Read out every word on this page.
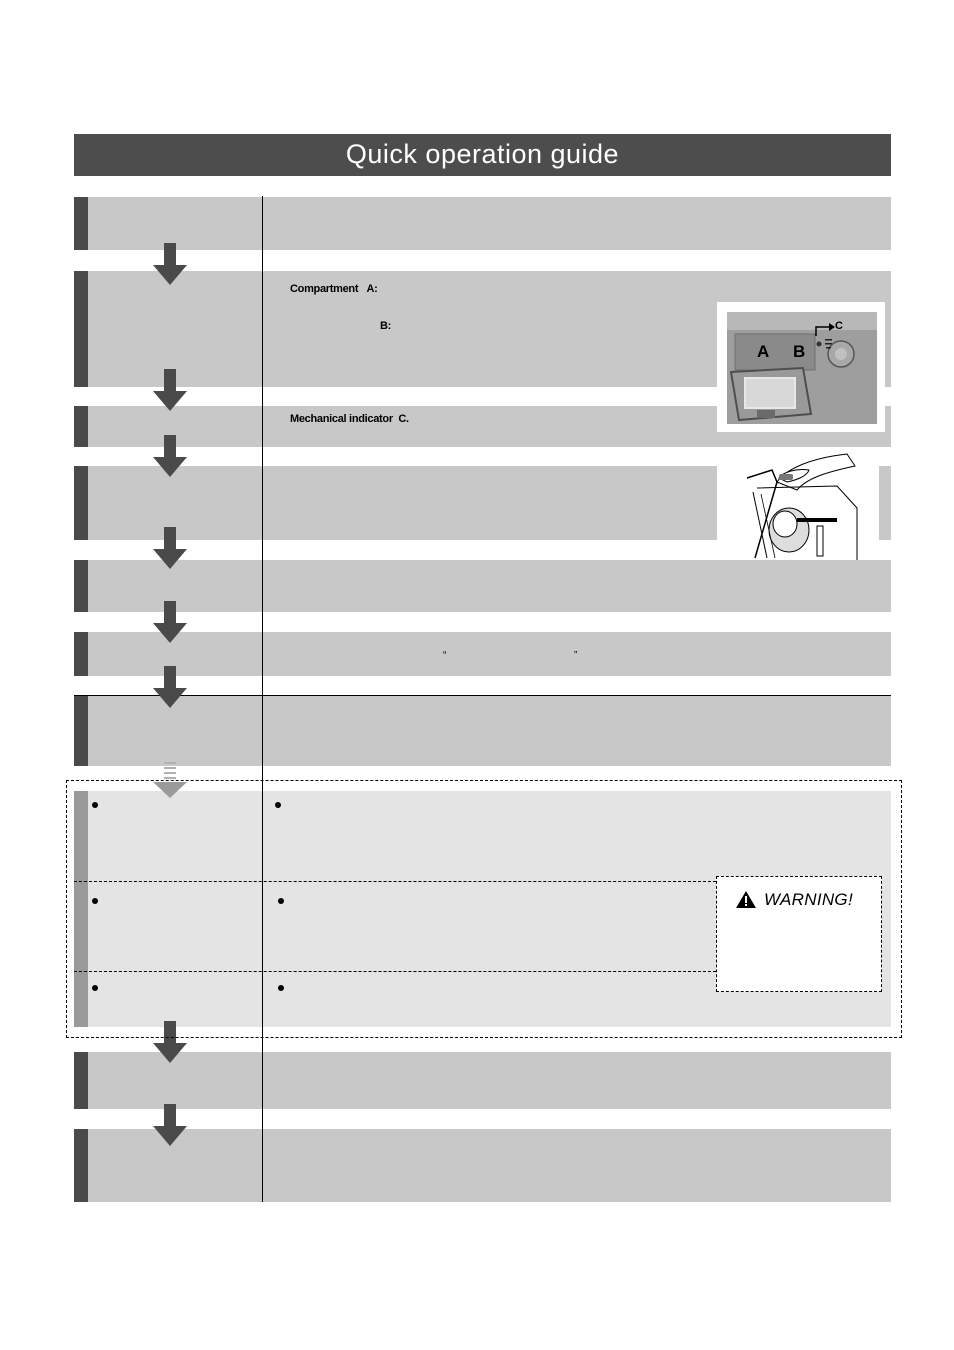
Quick operation guide
Compartment A:
B:
Mechanical indicator C.
A B
C
“	”
WARNING!
